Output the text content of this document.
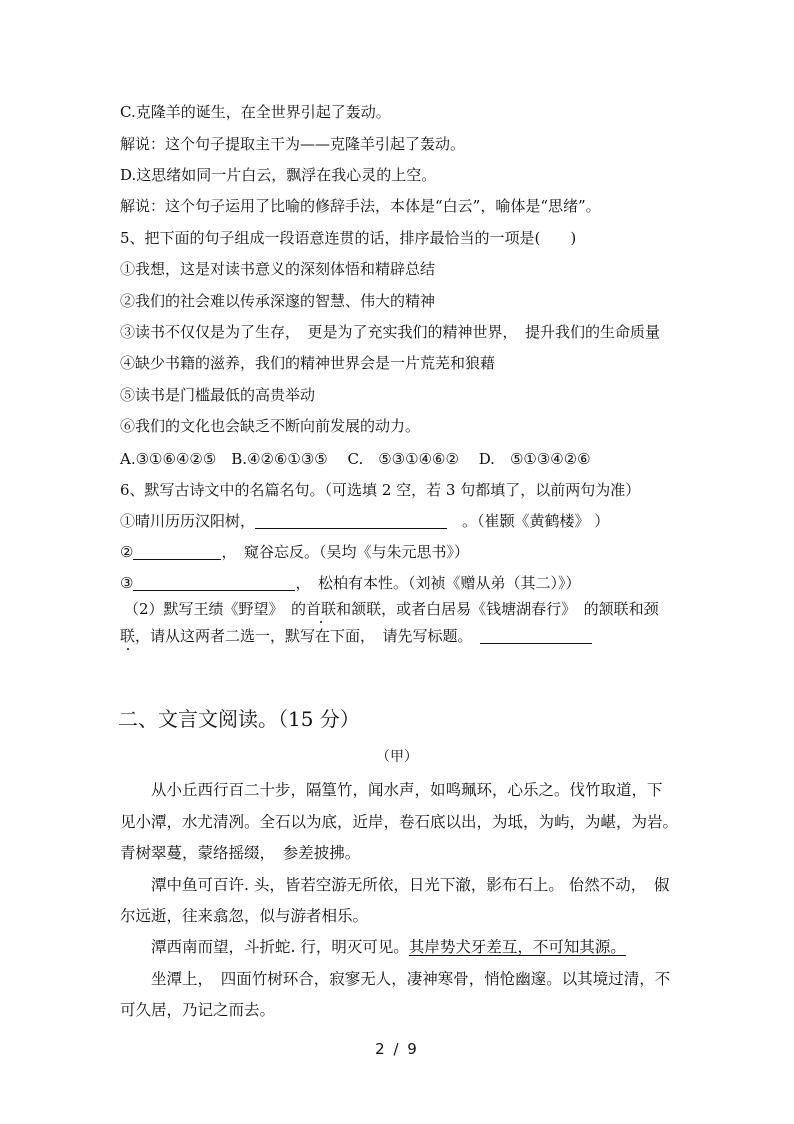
C.克隆羊的诞生，在全世界引起了轰动。
解说：这个句子提取主干为——克隆羊引起了轰动。
D.这思绪如同一片白云，飘浮在我心灵的上空。
解说：这个句子运用了比喻的修辞手法，本体是“白云”，喻体是“思绪”。
5、把下面的句子组成一段语意连贯的话，排序最恰当的一项是(　　)
①我想，这是对读书意义的深刻体悟和精辟总结
②我们的社会难以传承深邃的智慧、伟大的精神
③读书不仅仅是为了生存，　更是为了充实我们的精神世界，　提升我们的生命质量
④缺少书籍的滋养，我们的精神世界会是一片荒芜和狼藉
⑤读书是门槛最低的高贵举动
⑥我们的文化也会缺乏不断向前发展的动力。
A.③①⑥④②⑤　B.④②⑥①③⑤　 C.　⑤③①④⑥②　 D.　⑤①③④②⑥
6、默写古诗文中的名篇名句。（可选填 2 空，若 3 句都填了，以前两句为准）
①晴川历历汉阳树，　	。（崔颢《黄鹤楼》 ）
②	，　窥谷忘反。（吴均《与朱元思书》）
③	，　松柏有本性。（刘祯《赠从弟（其二）》）
（2）默写王绩《野望》　的首联和颔联，或者白居易《钱塘湖春行》　的颔联和颈
联，请从这两者二选一，默写在下面，　请先写标题。　
二、文言文阅读。（15 分）
（甲）
　　从小丘西行百二十步，隔篁竹，闻水声，如鸣珮环，心乐之。伐竹取道，下
见小潭，水尤清冽。全石以为底，近岸，卷石底以出，为坻，为屿，为嵁，为岩。
青树翠蔓，蒙络摇缀，　参差披拂。
　　潭中鱼可百许. 头，皆若空游无所依，日光下澈，影布石上。 佁然不动，　俶
尔远逝，往来翕忽，似与游者相乐。
　　潭西南而望，斗折蛇. 行，明灭可见。其岸势犬牙差互，不可知其源。
　　坐潭上，　四面竹树环合，寂寥无人，凄神寒骨，悄怆幽邃。以其境过清，不
可久居，乃记之而去。
2 / 9
